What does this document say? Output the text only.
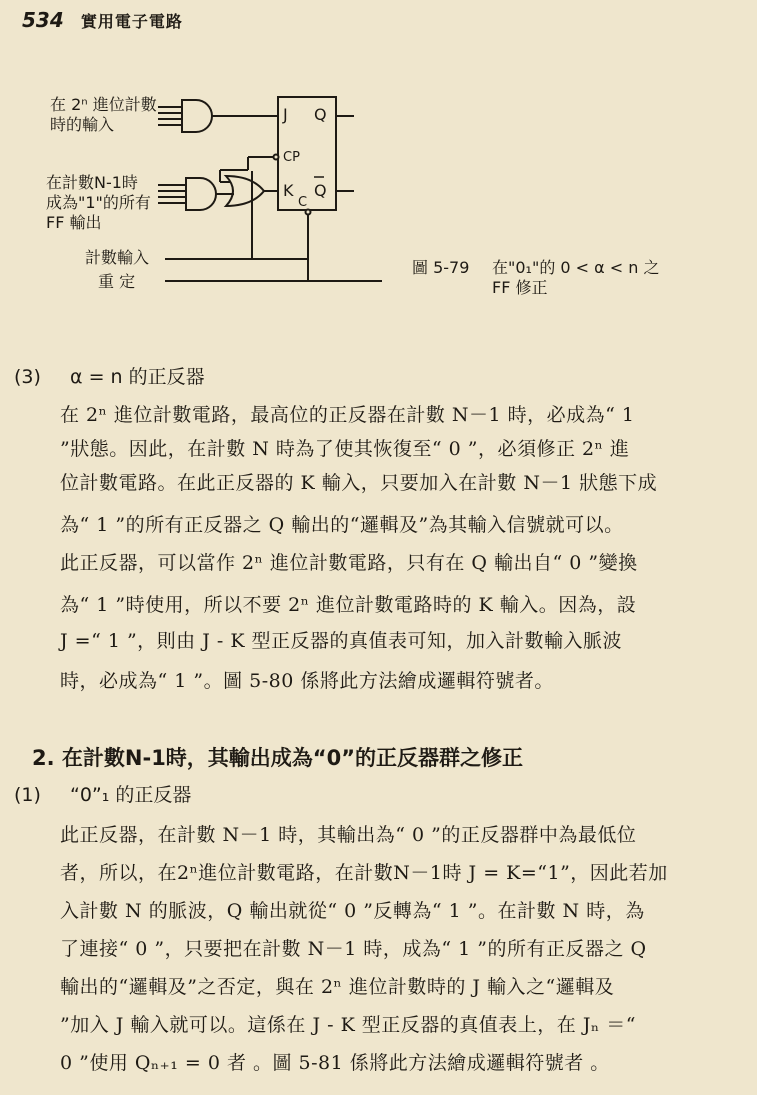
534 實用電子電路
J Q
CP
K Q
C
在 2ⁿ 進位計數
時的輸入
在計數N-1時
成為"1"的所有
FF 輸出
計數輸入
重 定
圖 5-79 在"0₁"的 0 < α < n 之
FF 修正
(3) α = n 的正反器
在 2ⁿ 進位計數電路，最高位的正反器在計數 N－1 時，必成為“ 1
”狀態。因此，在計數 N 時為了使其恢復至“ 0 ”，必須修正 2ⁿ 進
位計數電路。在此正反器的 K 輸入，只要加入在計數 N－1 狀態下成
為“ 1 ”的所有正反器之 Q 輸出的“邏輯及”為其輸入信號就可以。
此正反器，可以當作 2ⁿ 進位計數電路，只有在 Q 輸出自“ 0 ”變換
為“ 1 ”時使用，所以不要 2ⁿ 進位計數電路時的 K 輸入。因為，設
J =“ 1 ”，則由 J - K 型正反器的真值表可知，加入計數輸入脈波
時，必成為“ 1 ”。圖 5-80 係將此方法繪成邏輯符號者。
2. 在計數N-1時，其輸出成為“0”的正反器群之修正
(1) “0”₁ 的正反器
此正反器，在計數 N－1 時，其輸出為“ 0 ”的正反器群中為最低位
者，所以，在2ⁿ進位計數電路，在計數N－1時 J = K=“1”，因此若加
入計數 N 的脈波，Q 輸出就從“ 0 ”反轉為“ 1 ”。在計數 N 時，為
了連接“ 0 ”，只要把在計數 N－1 時，成為“ 1 ”的所有正反器之 Q
輸出的“邏輯及”之否定，與在 2ⁿ 進位計數時的 J 輸入之“邏輯及
”加入 J 輸入就可以。這係在 J - K 型正反器的真值表上，在 Jₙ ＝“
0 ”使用 Qₙ₊₁ = 0 者 。圖 5-81 係將此方法繪成邏輯符號者 。
